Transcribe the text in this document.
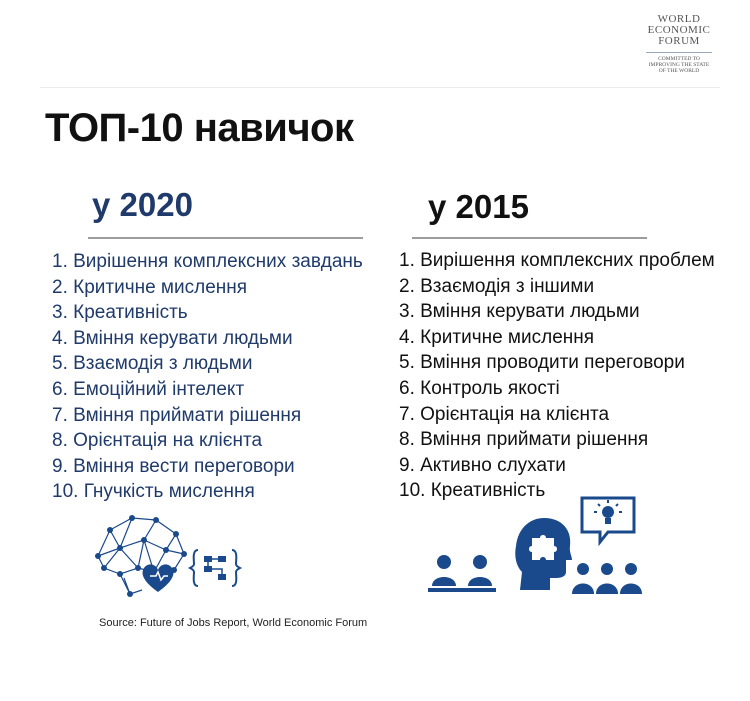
WORLD
ECONOMIC
FORUM
COMMITTED TO
IMPROVING THE STATE
OF THE WORLD
ТОП-10 навичок
у 2020
1. Вирішення комплексних завдань
2. Критичне мислення
3. Креативність
4. Вміння керувати людьми
5. Взаємодія з людьми
6. Емоційний інтелект
7. Вміння приймати рішення
8. Орієнтація на клієнта
9. Вміння вести переговори
10. Гнучкість мислення
у 2015
1. Вирішення комплексних проблем
2. Взаємодія з іншими
3. Вміння керувати людьми
4. Критичне мислення
5. Вміння проводити переговори
6. Контроль якості
7. Орієнтація на клієнта
8. Вміння приймати рішення
9. Активно слухати
10. Креативність
Source: Future of Jobs Report, World Economic Forum
